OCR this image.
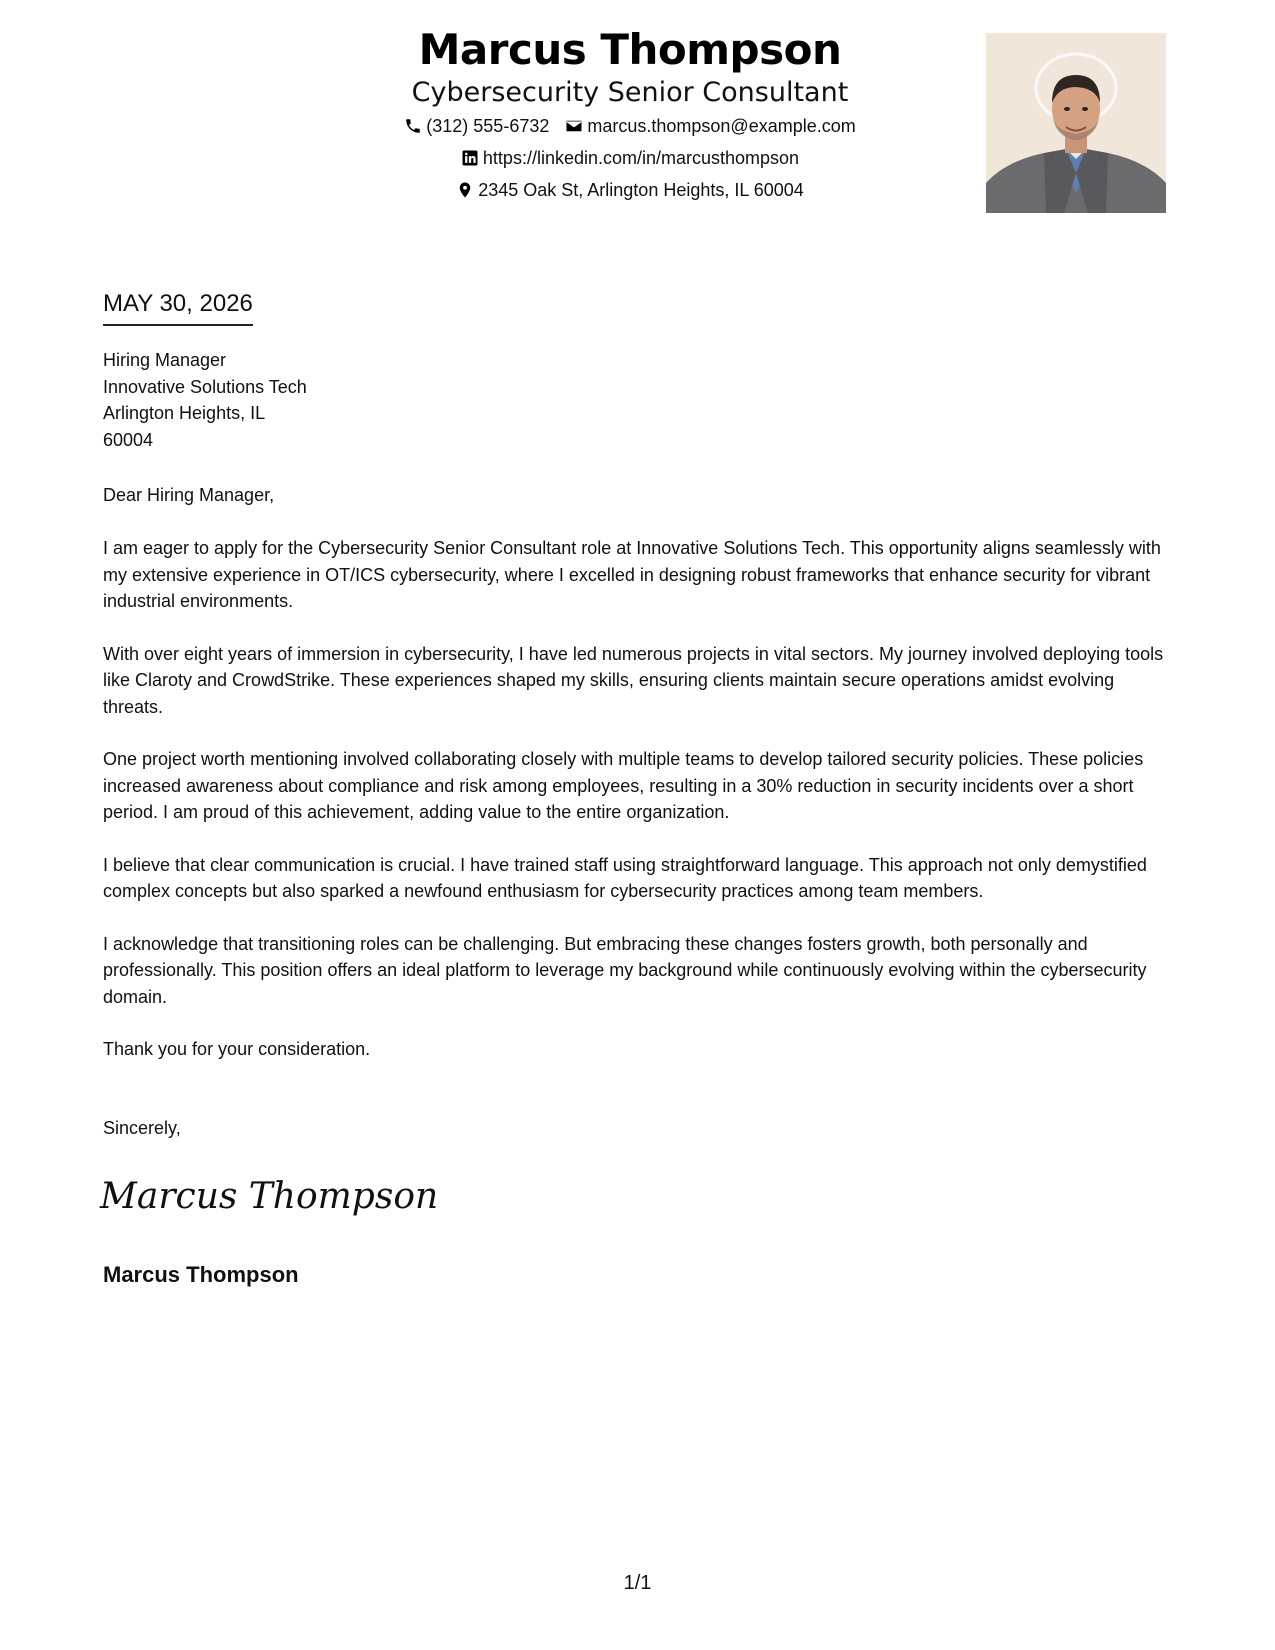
Marcus Thompson
Cybersecurity Senior Consultant
(312) 555-6732 marcus.thompson@example.com
https://linkedin.com/in/marcusthompson
2345 Oak St, Arlington Heights, IL 60004
MAY 30, 2026
Hiring Manager
Innovative Solutions Tech
Arlington Heights, IL
60004
Dear Hiring Manager,

I am eager to apply for the Cybersecurity Senior Consultant role at Innovative Solutions Tech. This opportunity aligns seamlessly with my extensive experience in OT/ICS cybersecurity, where I excelled in designing robust frameworks that enhance security for vibrant industrial environments.

With over eight years of immersion in cybersecurity, I have led numerous projects in vital sectors. My journey involved deploying tools like Claroty and CrowdStrike. These experiences shaped my skills, ensuring clients maintain secure operations amidst evolving threats.

One project worth mentioning involved collaborating closely with multiple teams to develop tailored security policies. These policies increased awareness about compliance and risk among employees, resulting in a 30% reduction in security incidents over a short period. I am proud of this achievement, adding value to the entire organization.

I believe that clear communication is crucial. I have trained staff using straightforward language. This approach not only demystified complex concepts but also sparked a newfound enthusiasm for cybersecurity practices among team members.

I acknowledge that transitioning roles can be challenging. But embracing these changes fosters growth, both personally and professionally. This position offers an ideal platform to leverage my background while continuously evolving within the cybersecurity domain.

Thank you for your consideration.

Sincerely,
Marcus Thompson
Marcus Thompson
1/1
